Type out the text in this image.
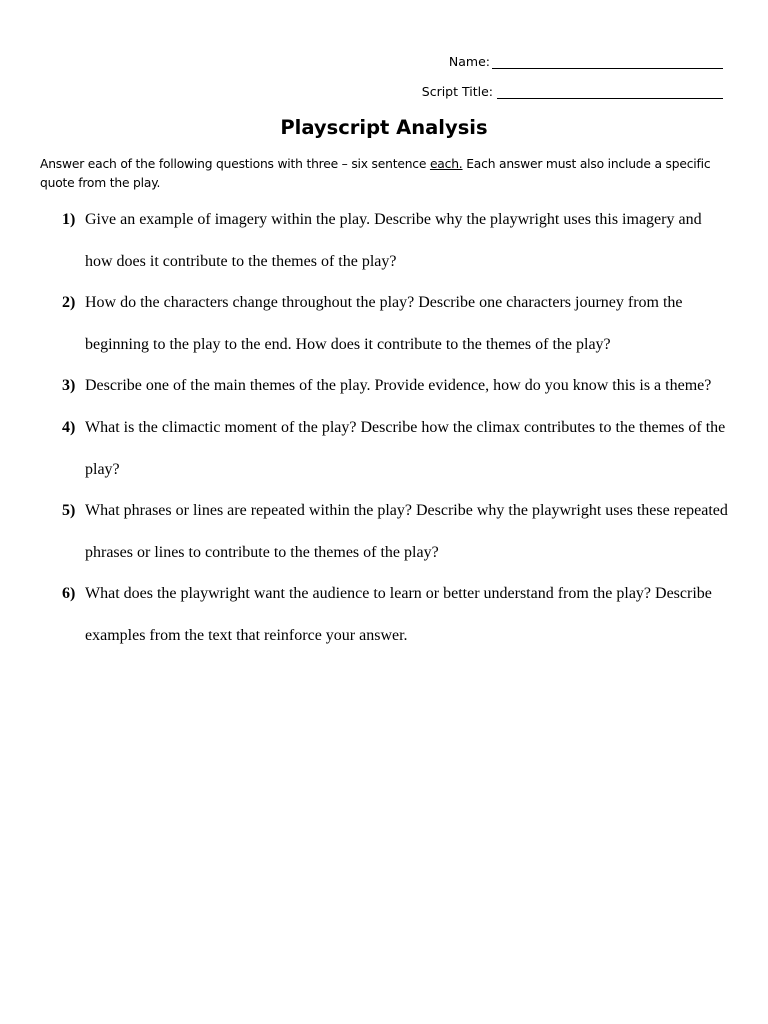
Name:
Script Title:
Playscript Analysis

Answer each of the following questions with three – six sentence each. Each answer must also include a specific quote from the play.

1) Give an example of imagery within the play. Describe why the playwright uses this imagery and how does it contribute to the themes of the play?
2) How do the characters change throughout the play? Describe one characters journey from the beginning to the play to the end. How does it contribute to the themes of the play?
3) Describe one of the main themes of the play. Provide evidence, how do you know this is a theme?
4) What is the climactic moment of the play? Describe how the climax contributes to the themes of the play?
5) What phrases or lines are repeated within the play? Describe why the playwright uses these repeated phrases or lines to contribute to the themes of the play?
6) What does the playwright want the audience to learn or better understand from the play? Describe examples from the text that reinforce your answer.
